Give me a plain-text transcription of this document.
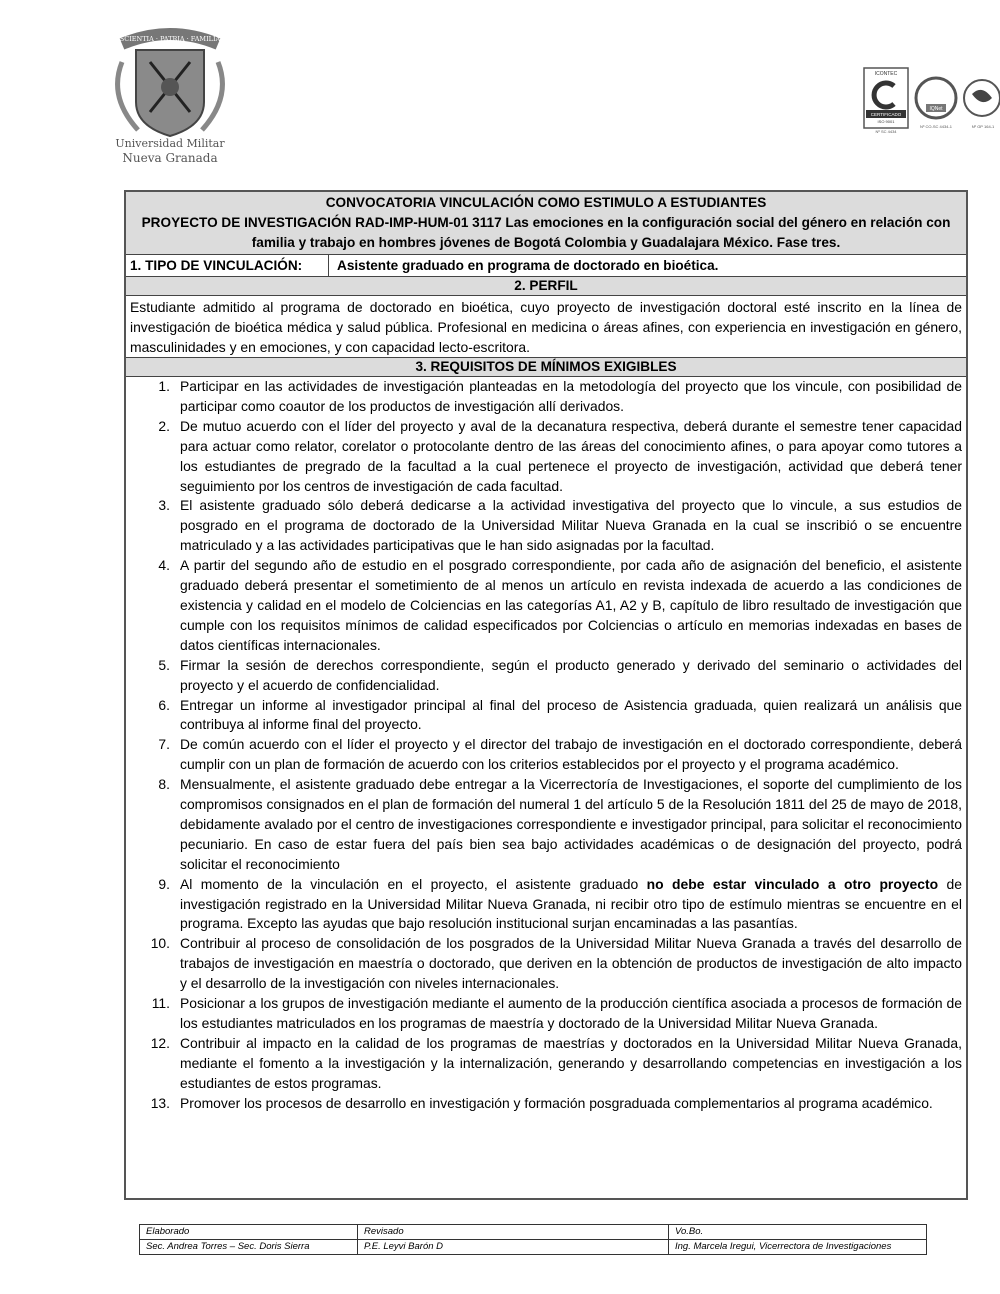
SCIENTIA · PATRIA · FAMILIA
Universidad Militar
Nueva Granada
ICONTEC
CERTIFICADO
ISO 9001
Nº SC 4434
IQNet
Nº CO-SC 4434-1	Nº GP 164-1
CONVOCATORIA VINCULACIÓN COMO ESTIMULO A ESTUDIANTES
PROYECTO DE INVESTIGACIÓN RAD-IMP-HUM-01 3117 Las emociones en la configuración social del género en relación con familia y trabajo en hombres jóvenes de Bogotá Colombia y Guadalajara México. Fase tres.
1. TIPO DE VINCULACIÓN:	Asistente graduado en programa de doctorado en bioética.
2. PERFIL
Estudiante admitido al programa de doctorado en bioética, cuyo proyecto de investigación doctoral esté inscrito en la línea de investigación de bioética médica y salud pública. Profesional en medicina o áreas afines, con experiencia en investigación en género, masculinidades y en emociones, y con capacidad lecto-escritora.
3. REQUISITOS DE MÍNIMOS EXIGIBLES
1. Participar en las actividades de investigación planteadas en la metodología del proyecto que los vincule, con posibilidad de participar como coautor de los productos de investigación allí derivados.
2. De mutuo acuerdo con el líder del proyecto y aval de la decanatura respectiva, deberá durante el semestre tener capacidad para actuar como relator, corelator o protocolante dentro de las áreas del conocimiento afines, o para apoyar como tutores a los estudiantes de pregrado de la facultad a la cual pertenece el proyecto de investigación, actividad que deberá tener seguimiento por los centros de investigación de cada facultad.
3. El asistente graduado sólo deberá dedicarse a la actividad investigativa del proyecto que lo vincule, a sus estudios de posgrado en el programa de doctorado de la Universidad Militar Nueva Granada en la cual se inscribió o se encuentre matriculado y a las actividades participativas que le han sido asignadas por la facultad.
4. A partir del segundo año de estudio en el posgrado correspondiente, por cada año de asignación del beneficio, el asistente graduado deberá presentar el sometimiento de al menos un artículo en revista indexada de acuerdo a las condiciones de existencia y calidad en el modelo de Colciencias en las categorías A1, A2 y B, capítulo de libro resultado de investigación que cumple con los requisitos mínimos de calidad especificados por Colciencias o artículo en memorias indexadas en bases de datos científicas internacionales.
5. Firmar la sesión de derechos correspondiente, según el producto generado y derivado del seminario o actividades del proyecto y el acuerdo de confidencialidad.
6. Entregar un informe al investigador principal al final del proceso de Asistencia graduada, quien realizará un análisis que contribuya al informe final del proyecto.
7. De común acuerdo con el líder el proyecto y el director del trabajo de investigación en el doctorado correspondiente, deberá cumplir con un plan de formación de acuerdo con los criterios establecidos por el proyecto y el programa académico.
8. Mensualmente, el asistente graduado debe entregar a la Vicerrectoría de Investigaciones, el soporte del cumplimiento de los compromisos consignados en el plan de formación del numeral 1 del artículo 5 de la Resolución 1811 del 25 de mayo de 2018, debidamente avalado por el centro de investigaciones correspondiente e investigador principal, para solicitar el reconocimiento pecuniario. En caso de estar fuera del país bien sea bajo actividades académicas o de designación del proyecto, podrá solicitar el reconocimiento
9. Al momento de la vinculación en el proyecto, el asistente graduado no debe estar vinculado a otro proyecto de investigación registrado en la Universidad Militar Nueva Granada, ni recibir otro tipo de estímulo mientras se encuentre en el programa. Excepto las ayudas que bajo resolución institucional surjan encaminadas a las pasantías.
10. Contribuir al proceso de consolidación de los posgrados de la Universidad Militar Nueva Granada a través del desarrollo de trabajos de investigación en maestría o doctorado, que deriven en la obtención de productos de investigación de alto impacto y el desarrollo de la investigación con niveles internacionales.
11. Posicionar a los grupos de investigación mediante el aumento de la producción científica asociada a procesos de formación de los estudiantes matriculados en los programas de maestría y doctorado de la Universidad Militar Nueva Granada.
12. Contribuir al impacto en la calidad de los programas de maestrías y doctorados en la Universidad Militar Nueva Granada, mediante el fomento a la investigación y la internalización, generando y desarrollando competencias en investigación a los estudiantes de estos programas.
13. Promover los procesos de desarrollo en investigación y formación posgraduada complementarios al programa académico.
Elaborado	Revisado	Vo.Bo.
Sec. Andrea Torres – Sec. Doris Sierra	P.E. Leyvi Barón D	Ing. Marcela Iregui, Vicerrectora de Investigaciones
